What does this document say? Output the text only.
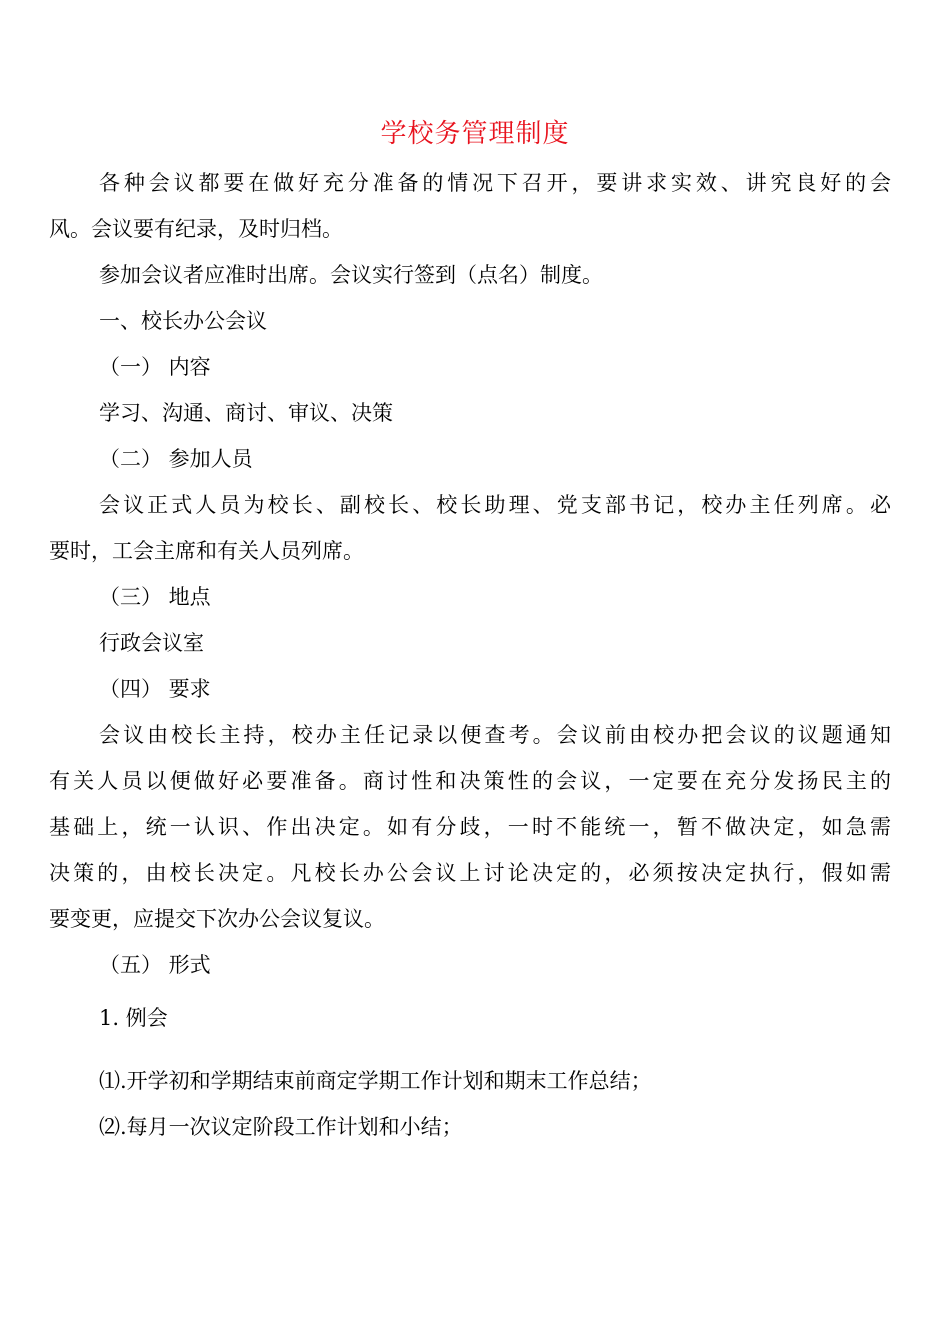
学校务管理制度
各种会议都要在做好充分准备的情况下召开，要讲求实效、讲究良好的会
风。会议要有纪录，及时归档。
参加会议者应准时出席。会议实行签到（点名）制度。
一、校长办公会议
（一） 内容
学习、沟通、商讨、审议、决策
（二） 参加人员
会议正式人员为校长、副校长、校长助理、党支部书记，校办主任列席。必
要时，工会主席和有关人员列席。
（三） 地点
行政会议室
（四） 要求
会议由校长主持，校办主任记录以便查考。会议前由校办把会议的议题通知
有关人员以便做好必要准备。商讨性和决策性的会议，一定要在充分发扬民主的
基础上，统一认识、作出决定。如有分歧，一时不能统一，暂不做决定，如急需
决策的，由校长决定。凡校长办公会议上讨论决定的，必须按决定执行，假如需
要变更，应提交下次办公会议复议。
（五） 形式
1. 例会
⑴.开学初和学期结束前商定学期工作计划和期末工作总结；
⑵.每月一次议定阶段工作计划和小结；
